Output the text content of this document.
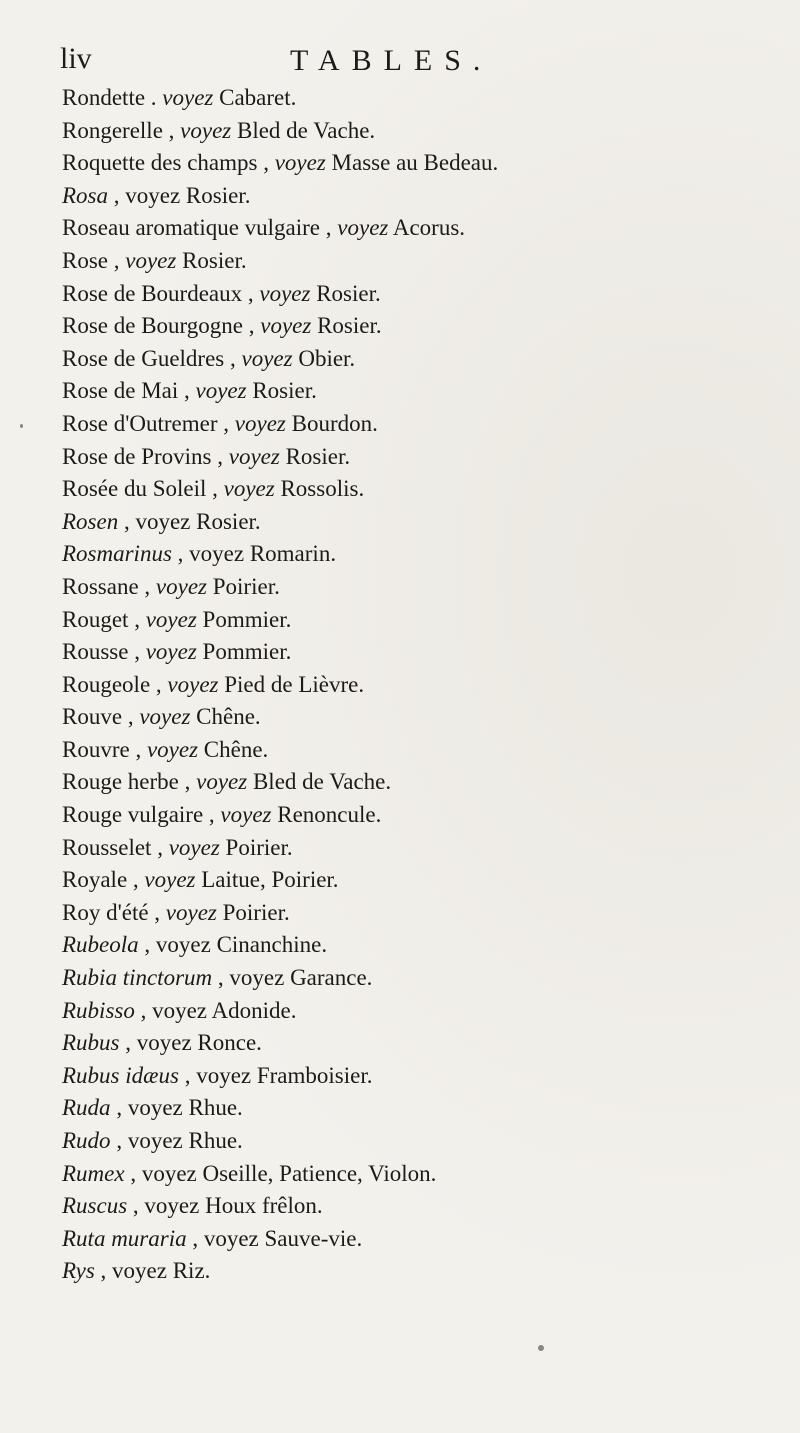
liv	TABLES.
Rondette . voyez Cabaret.
Rongerelle , voyez Bled de Vache.
Roquette des champs , voyez Masse au Bedeau.
Rosa , voyez Rosier.
Roseau aromatique vulgaire , voyez Acorus.
Rose , voyez Rosier.
Rose de Bourdeaux , voyez Rosier.
Rose de Bourgogne , voyez Rosier.
Rose de Gueldres , voyez Obier.
Rose de Mai , voyez Rosier.
Rose d'Outremer , voyez Bourdon.
Rose de Provins , voyez Rosier.
Rosée du Soleil , voyez Rossolis.
Rosen , voyez Rosier.
Rosmarinus , voyez Romarin.
Rossane , voyez Poirier.
Rouget , voyez Pommier.
Rousse , voyez Pommier.
Rougeole , voyez Pied de Lièvre.
Rouve , voyez Chêne.
Rouvre , voyez Chêne.
Rouge herbe , voyez Bled de Vache.
Rouge vulgaire , voyez Renoncule.
Rousselet , voyez Poirier.
Royale , voyez Laitue, Poirier.
Roy d'été , voyez Poirier.
Rubeola , voyez Cinanchine.
Rubia tinctorum , voyez Garance.
Rubisso , voyez Adonide.
Rubus , voyez Ronce.
Rubus idæus , voyez Framboisier.
Ruda , voyez Rhue.
Rudo , voyez Rhue.
Rumex , voyez Oseille, Patience, Violon.
Ruscus , voyez Houx frêlon.
Ruta muraria , voyez Sauve-vie.
Rys , voyez Riz.
